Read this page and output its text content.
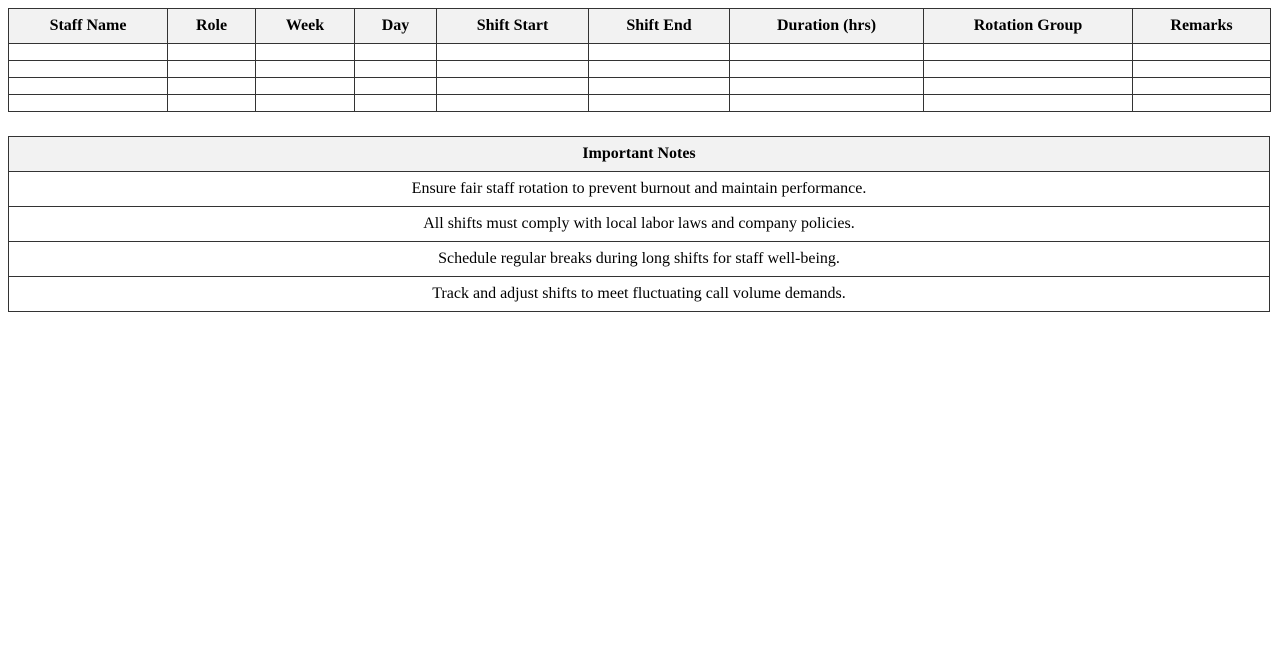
Staff Name	Role	Week	Day	Shift Start	Shift End	Duration (hrs)	Rotation Group	Remarks

Important Notes
Ensure fair staff rotation to prevent burnout and maintain performance.
All shifts must comply with local labor laws and company policies.
Schedule regular breaks during long shifts for staff well-being.
Track and adjust shifts to meet fluctuating call volume demands.
